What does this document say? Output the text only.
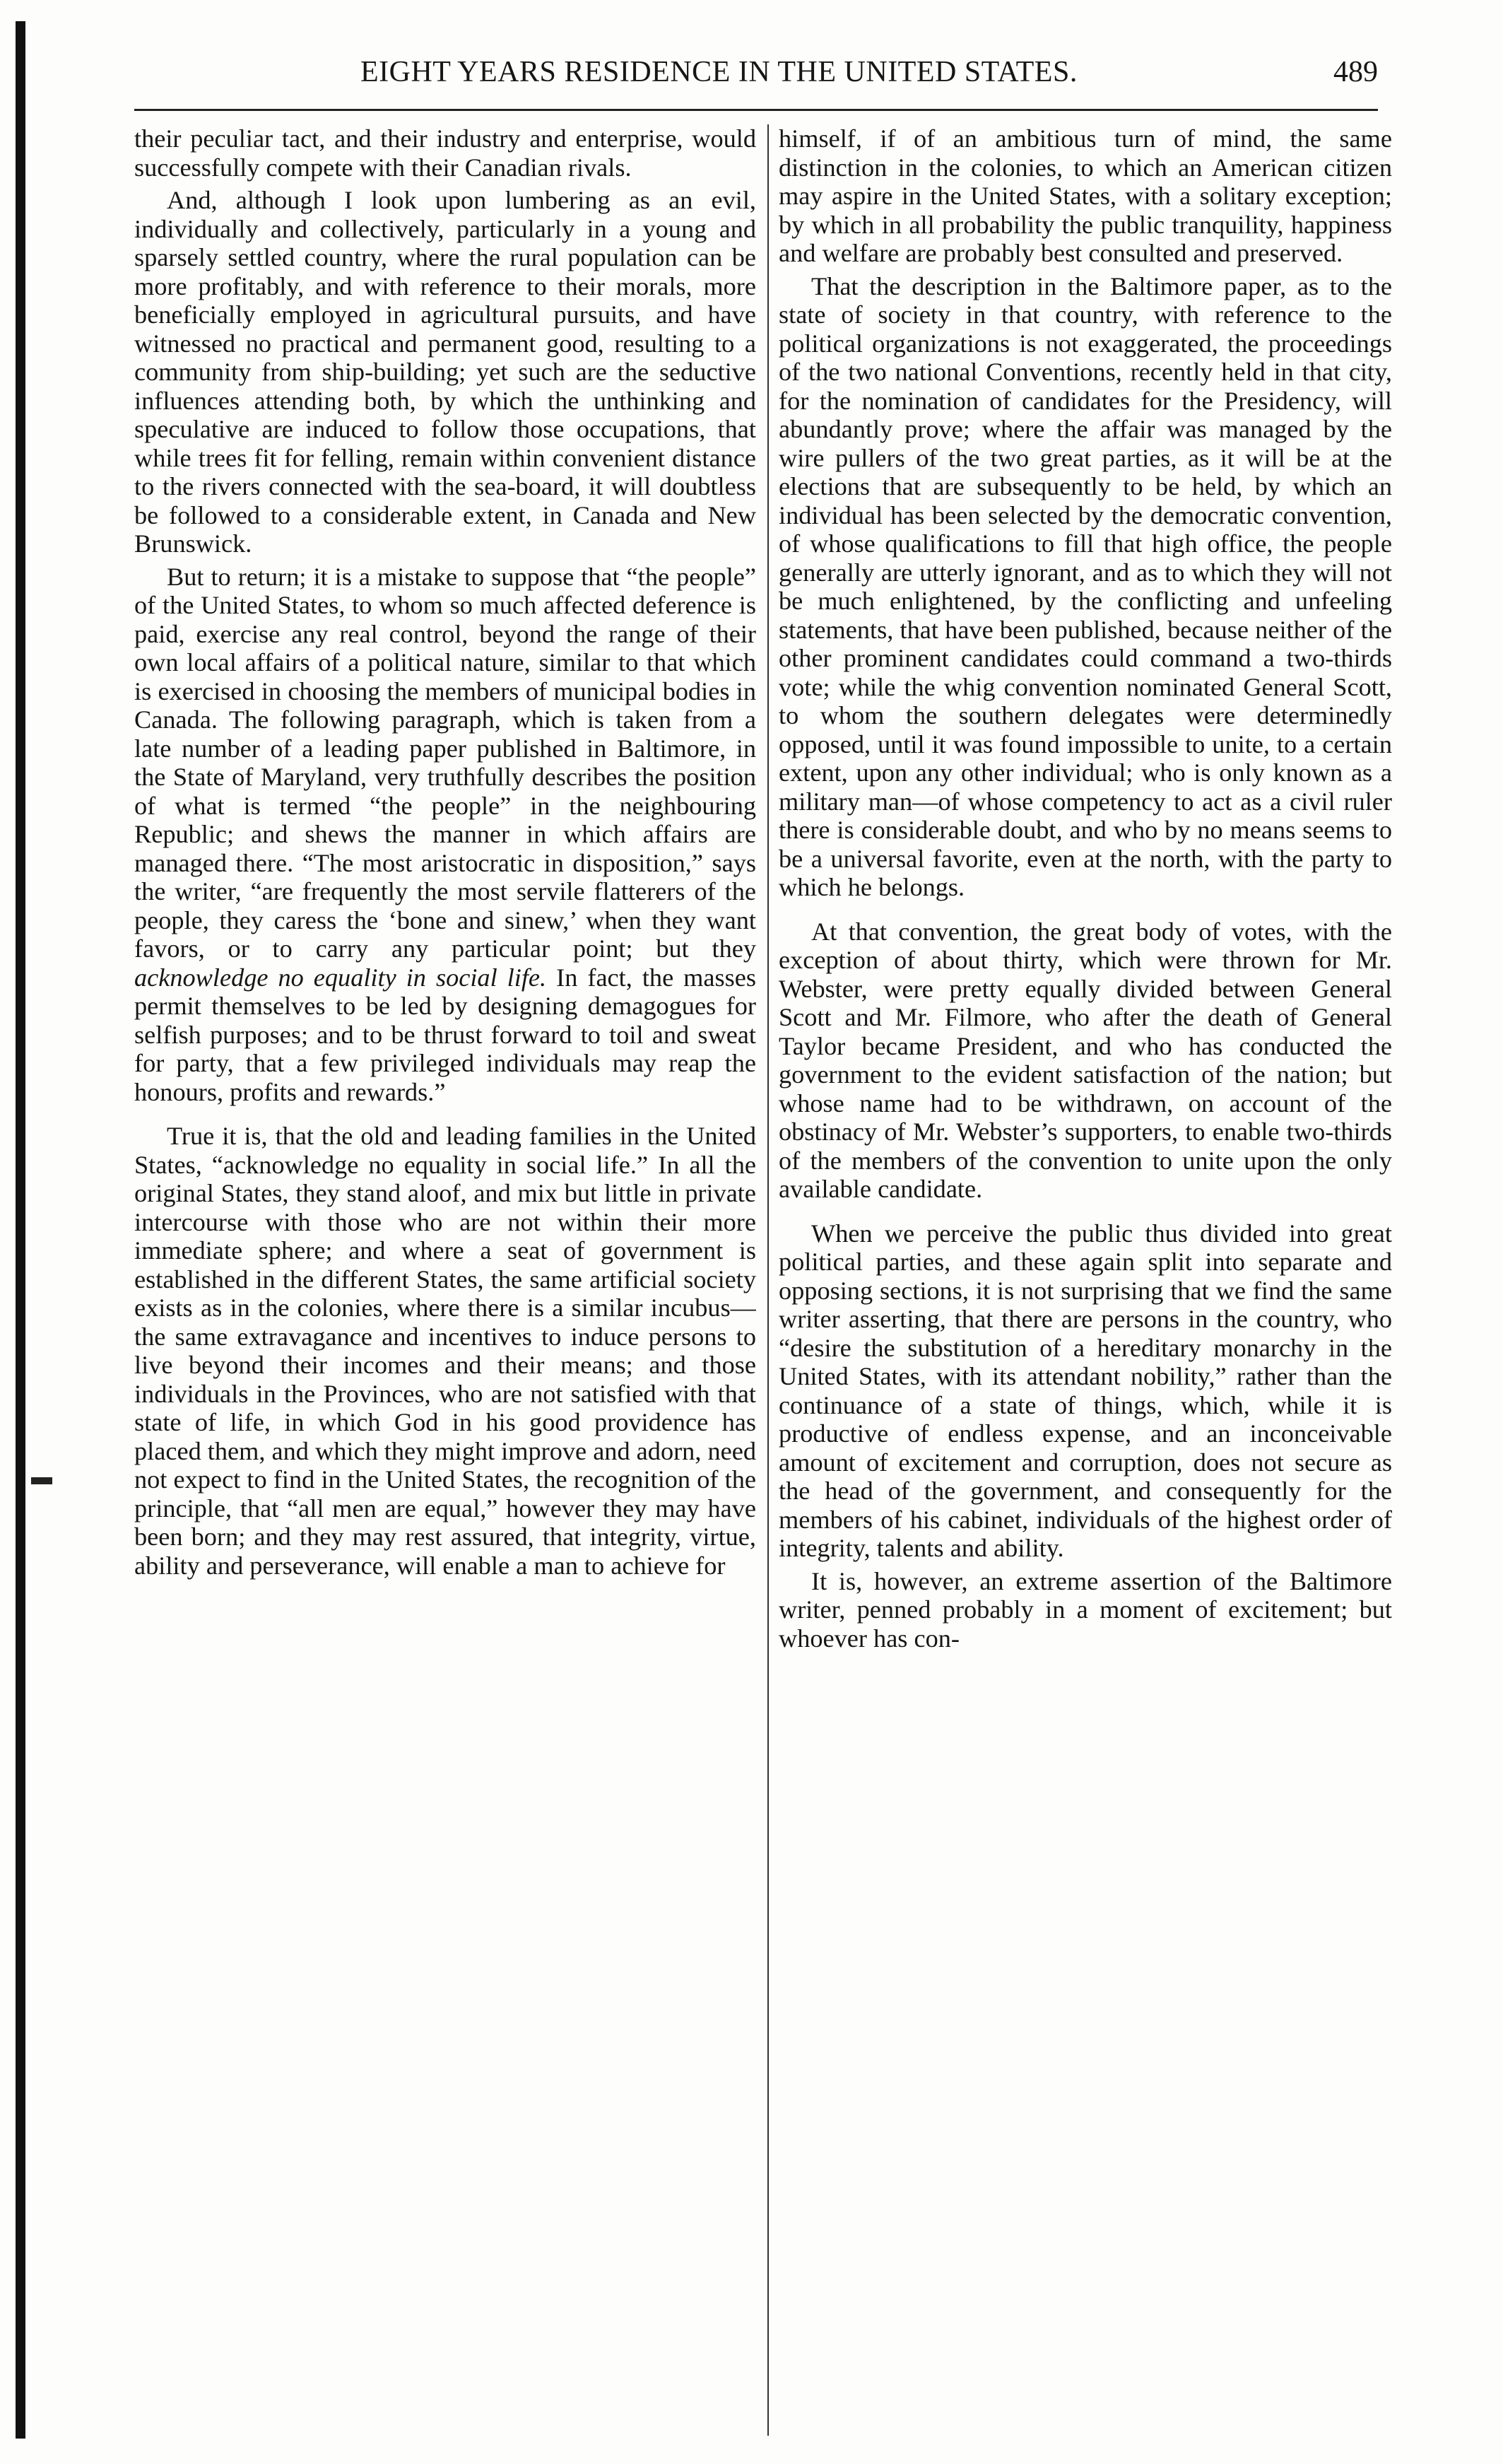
EIGHT YEARS RESIDENCE IN THE UNITED STATES.	489

their peculiar tact, and their industry and enterprise, would successfully compete with their Canadian rivals.

And, although I look upon lumbering as an evil, individually and collectively, particularly in a young and sparsely settled country, where the rural population can be more profitably, and with reference to their morals, more beneficially employed in agricultural pursuits, and have witnessed no practical and permanent good, resulting to a community from ship-building; yet such are the seductive influences attending both, by which the unthinking and speculative are induced to follow those occupations, that while trees fit for felling, remain within convenient distance to the rivers connected with the sea-board, it will doubtless be followed to a considerable extent, in Canada and New Brunswick.

But to return; it is a mistake to suppose that “the people” of the United States, to whom so much affected deference is paid, exercise any real control, beyond the range of their own local affairs of a political nature, similar to that which is exercised in choosing the members of municipal bodies in Canada. The following paragraph, which is taken from a late number of a leading paper published in Baltimore, in the State of Maryland, very truthfully describes the position of what is termed “the people” in the neighbouring Republic; and shews the manner in which affairs are managed there. “The most aristocratic in disposition,” says the writer, “are frequently the most servile flatterers of the people, they caress the ‘bone and sinew,’ when they want favors, or to carry any particular point; but they acknowledge no equality in social life. In fact, the masses permit themselves to be led by designing demagogues for selfish purposes; and to be thrust forward to toil and sweat for party, that a few privileged individuals may reap the honours, profits and rewards.”

True it is, that the old and leading families in the United States, “acknowledge no equality in social life.” In all the original States, they stand aloof, and mix but little in private intercourse with those who are not within their more immediate sphere; and where a seat of government is established in the different States, the same artificial society exists as in the colonies, where there is a similar incubus—the same extravagance and incentives to induce persons to live beyond their incomes and their means; and those individuals in the Provinces, who are not satisfied with that state of life, in which God in his good providence has placed them, and which they might improve and adorn, need not expect to find in the United States, the recognition of the principle, that “all men are equal,” however they may have been born; and they may rest assured, that integrity, virtue, ability and perseverance, will enable a man to achieve for

himself, if of an ambitious turn of mind, the same distinction in the colonies, to which an American citizen may aspire in the United States, with a solitary exception; by which in all probability the public tranquility, happiness and welfare are probably best consulted and preserved.

That the description in the Baltimore paper, as to the state of society in that country, with reference to the political organizations is not exaggerated, the proceedings of the two national Conventions, recently held in that city, for the nomination of candidates for the Presidency, will abundantly prove; where the affair was managed by the wire pullers of the two great parties, as it will be at the elections that are subsequently to be held, by which an individual has been selected by the democratic convention, of whose qualifications to fill that high office, the people generally are utterly ignorant, and as to which they will not be much enlightened, by the conflicting and unfeeling statements, that have been published, because neither of the other prominent candidates could command a two-thirds vote; while the whig convention nominated General Scott, to whom the southern delegates were determinedly opposed, until it was found impossible to unite, to a certain extent, upon any other individual; who is only known as a military man—of whose competency to act as a civil ruler there is considerable doubt, and who by no means seems to be a universal favorite, even at the north, with the party to which he belongs.

At that convention, the great body of votes, with the exception of about thirty, which were thrown for Mr. Webster, were pretty equally divided between General Scott and Mr. Filmore, who after the death of General Taylor became President, and who has conducted the government to the evident satisfaction of the nation; but whose name had to be withdrawn, on account of the obstinacy of Mr. Webster’s supporters, to enable two-thirds of the members of the convention to unite upon the only available candidate.

When we perceive the public thus divided into great political parties, and these again split into separate and opposing sections, it is not surprising that we find the same writer asserting, that there are persons in the country, who “desire the substitution of a hereditary monarchy in the United States, with its attendant nobility,” rather than the continuance of a state of things, which, while it is productive of endless expense, and an inconceivable amount of excitement and corruption, does not secure as the head of the government, and consequently for the members of his cabinet, individuals of the highest order of integrity, talents and ability.

It is, however, an extreme assertion of the Baltimore writer, penned probably in a moment of excitement; but whoever has con-
